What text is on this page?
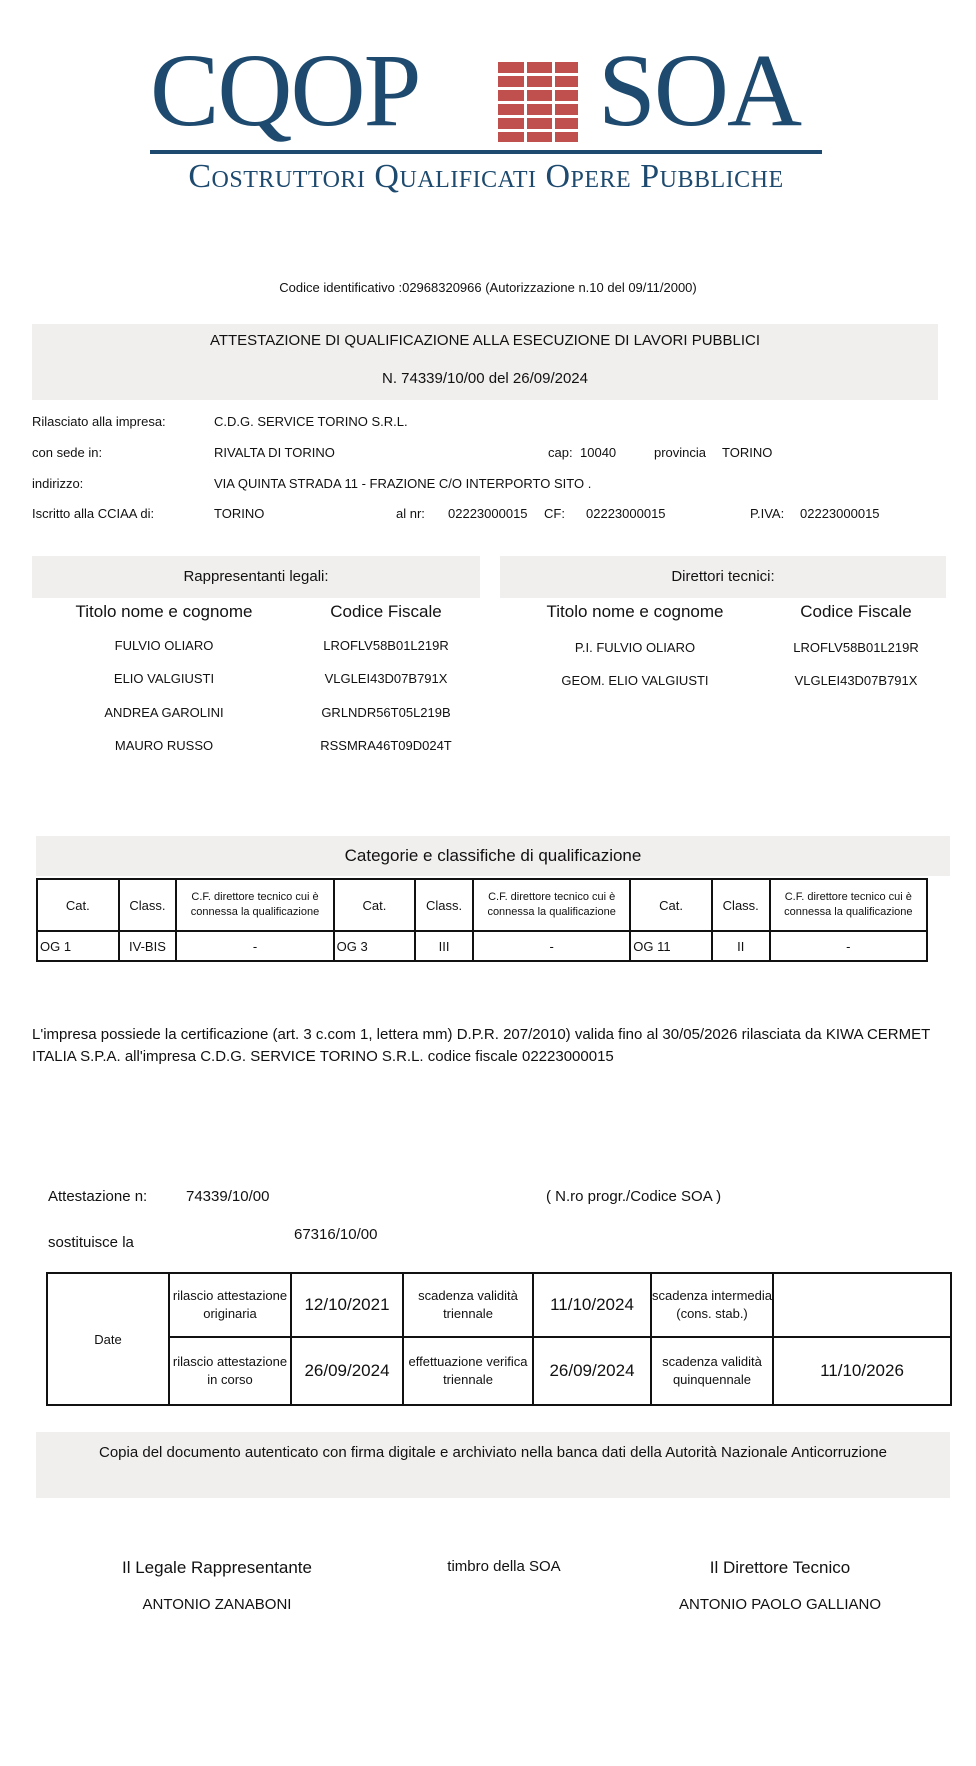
CQOP SOA
Costruttori Qualificati Opere Pubbliche
Codice identificativo :02968320966 (Autorizzazione n.10 del 09/11/2000)
ATTESTAZIONE DI QUALIFICAZIONE ALLA ESECUZIONE DI LAVORI PUBBLICI
N. 74339/10/00 del 26/09/2024
Rilasciato alla impresa:	C.D.G. SERVICE TORINO S.R.L.
con sede in:	RIVALTA DI TORINO	cap: 10040	provincia TORINO
indirizzo:	VIA QUINTA STRADA 11 - FRAZIONE C/O INTERPORTO SITO .
Iscritto alla CCIAA di:	TORINO	al nr: 02223000015 CF: 02223000015	P.IVA: 02223000015
Rappresentanti legali:
Titolo nome e cognome	Codice Fiscale
FULVIO OLIARO	LROFLV58B01L219R
ELIO VALGIUSTI	VLGLEI43D07B791X
ANDREA GAROLINI	GRLNDR56T05L219B
MAURO RUSSO	RSSMRA46T09D024T
Direttori tecnici:
Titolo nome e cognome	Codice Fiscale
P.I. FULVIO OLIARO	LROFLV58B01L219R
GEOM. ELIO VALGIUSTI	VLGLEI43D07B791X
Categorie e classifiche di qualificazione
Cat.	Class.	C.F. direttore tecnico cui è connessa la qualificazione	Cat.	Class.	C.F. direttore tecnico cui è connessa la qualificazione	Cat.	Class.	C.F. direttore tecnico cui è connessa la qualificazione
OG 1	IV-BIS	-	OG 3	III	-	OG 11	II	-
L'impresa possiede la certificazione (art. 3 c.com 1, lettera mm) D.P.R. 207/2010) valida fino al 30/05/2026 rilasciata da KIWA CERMET ITALIA S.P.A. all'impresa C.D.G. SERVICE TORINO S.R.L. codice fiscale 02223000015
Attestazione n:	74339/10/00	( N.ro progr./Codice SOA )
sostituisce la	67316/10/00
Date	rilascio attestazione originaria	12/10/2021	scadenza validità triennale	11/10/2024	scadenza intermedia (cons. stab.)	
	rilascio attestazione in corso	26/09/2024	effettuazione verifica triennale	26/09/2024	scadenza validità quinquennale	11/10/2026
Copia del documento autenticato con firma digitale e archiviato nella banca dati della Autorità Nazionale Anticorruzione
Il Legale Rappresentante
ANTONIO ZANABONI
timbro della SOA	Il Direttore Tecnico
ANTONIO PAOLO GALLIANO
